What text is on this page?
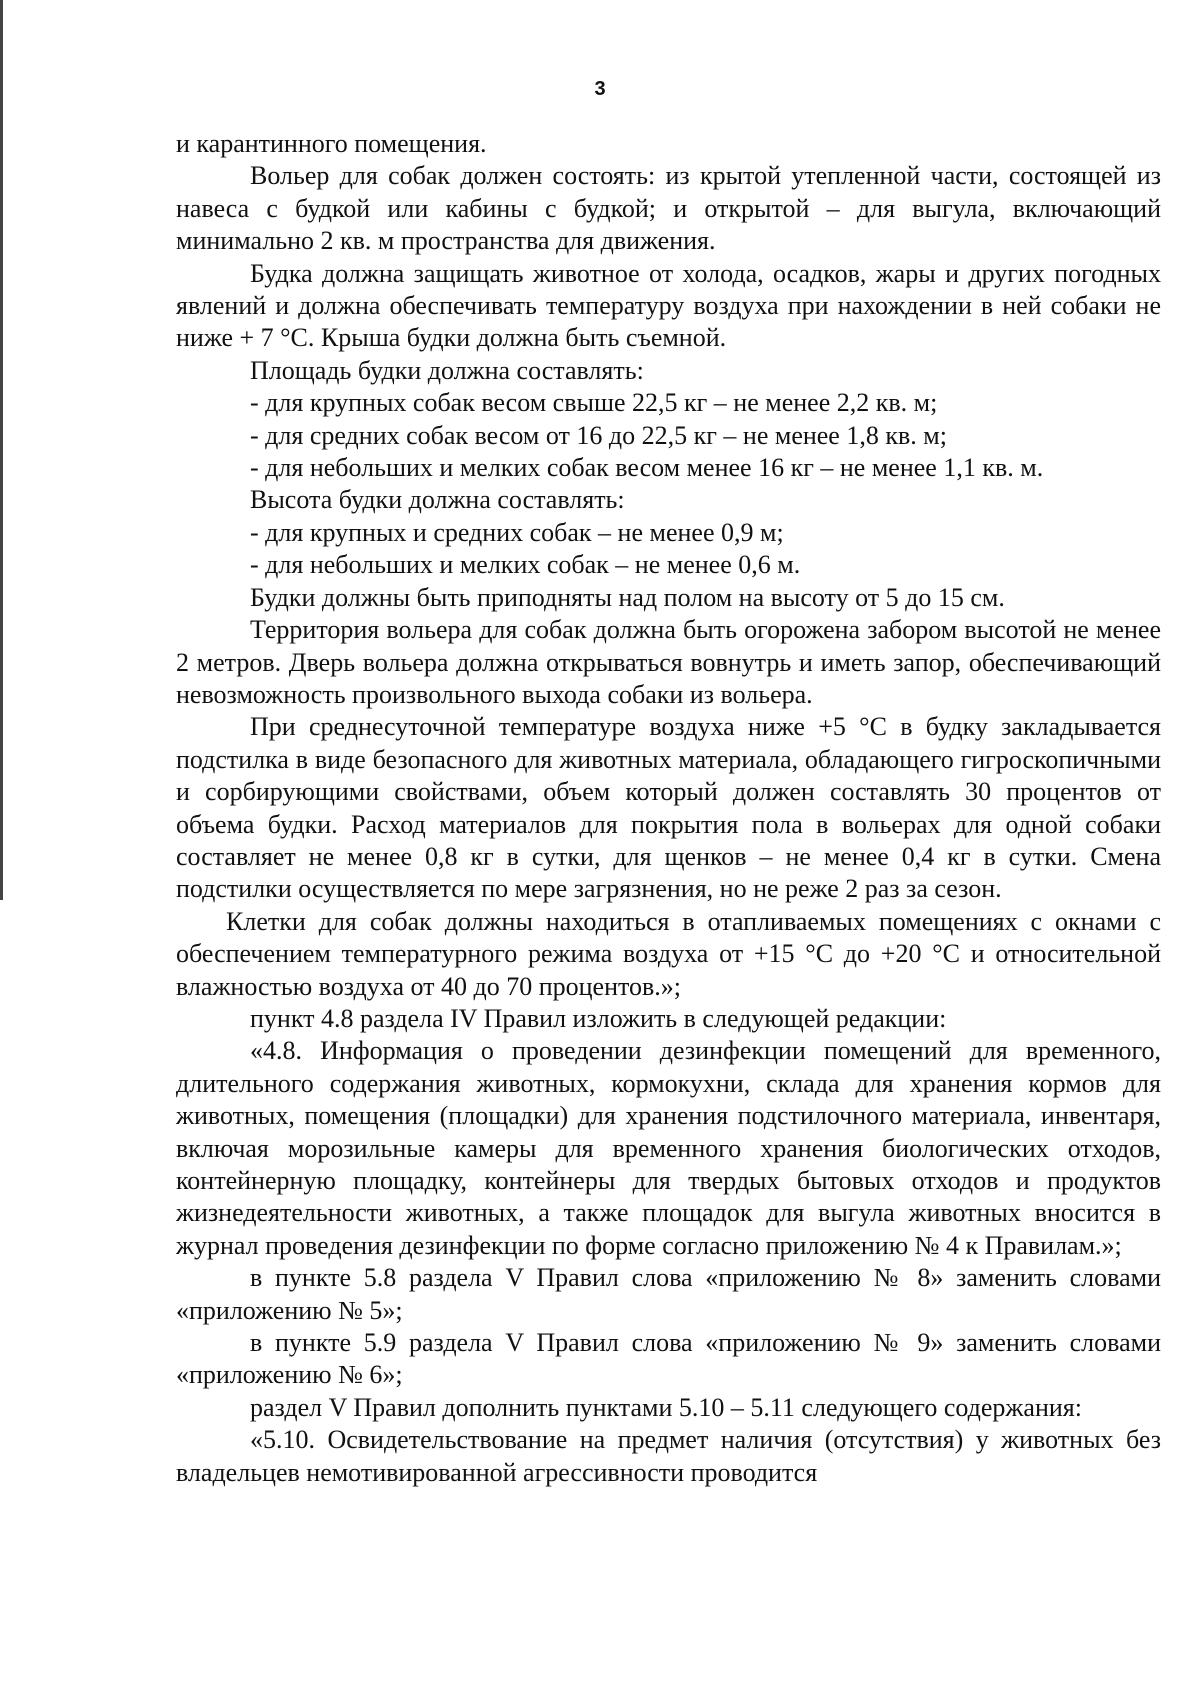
3

и карантинного помещения.

Вольер для собак должен состоять: из крытой утепленной части, состоящей из навеса с будкой или кабины с будкой; и открытой – для выгула, включающий минимально 2 кв. м пространства для движения.

Будка должна защищать животное от холода, осадков, жары и других погодных явлений и должна обеспечивать температуру воздуха при нахождении в ней собаки не ниже + 7 °С. Крыша будки должна быть съемной.

Площадь будки должна составлять:

- для крупных собак весом свыше 22,5 кг – не менее 2,2 кв. м;

- для средних собак весом от 16 до 22,5 кг – не менее 1,8 кв. м;

- для небольших и мелких собак весом менее 16 кг – не менее 1,1 кв. м.

Высота будки должна составлять:

- для крупных и средних собак – не менее 0,9 м;

- для небольших и мелких собак – не менее 0,6 м.

Будки должны быть приподняты над полом на высоту от 5 до 15 см.

Территория вольера для собак должна быть огорожена забором высотой не менее 2 метров. Дверь вольера должна открываться вовнутрь и иметь запор, обеспечивающий невозможность произвольного выхода собаки из вольера.

При среднесуточной температуре воздуха ниже +5 °С в будку закладывается подстилка в виде безопасного для животных материала, обладающего гигроскопичными и сорбирующими свойствами, объем который должен составлять 30 процентов от объема будки. Расход материалов для покрытия пола в вольерах для одной собаки составляет не менее 0,8 кг в сутки, для щенков – не менее 0,4 кг в сутки. Смена подстилки осуществляется по мере загрязнения, но не реже 2 раз за сезон.

Клетки для собак должны находиться в отапливаемых помещениях с окнами с обеспечением температурного режима воздуха от +15 °С до +20 °С и относительной влажностью воздуха от 40 до 70 процентов.»;

пункт 4.8 раздела IV Правил изложить в следующей редакции:

«4.8. Информация о проведении дезинфекции помещений для временного, длительного содержания животных, кормокухни, склада для хранения кормов для животных, помещения (площадки) для хранения подстилочного материала, инвентаря, включая морозильные камеры для временного хранения биологических отходов, контейнерную площадку, контейнеры для твердых бытовых отходов и продуктов жизнедеятельности животных, а также площадок для выгула животных вносится в журнал проведения дезинфекции по форме согласно приложению № 4 к Правилам.»;

в пункте 5.8 раздела V Правил слова «приложению № 8» заменить словами «приложению № 5»;

в пункте 5.9 раздела V Правил слова «приложению № 9» заменить словами «приложению № 6»;

раздел V Правил дополнить пунктами 5.10 – 5.11 следующего содержания:

«5.10. Освидетельствование на предмет наличия (отсутствия) у животных без владельцев немотивированной агрессивности проводится
